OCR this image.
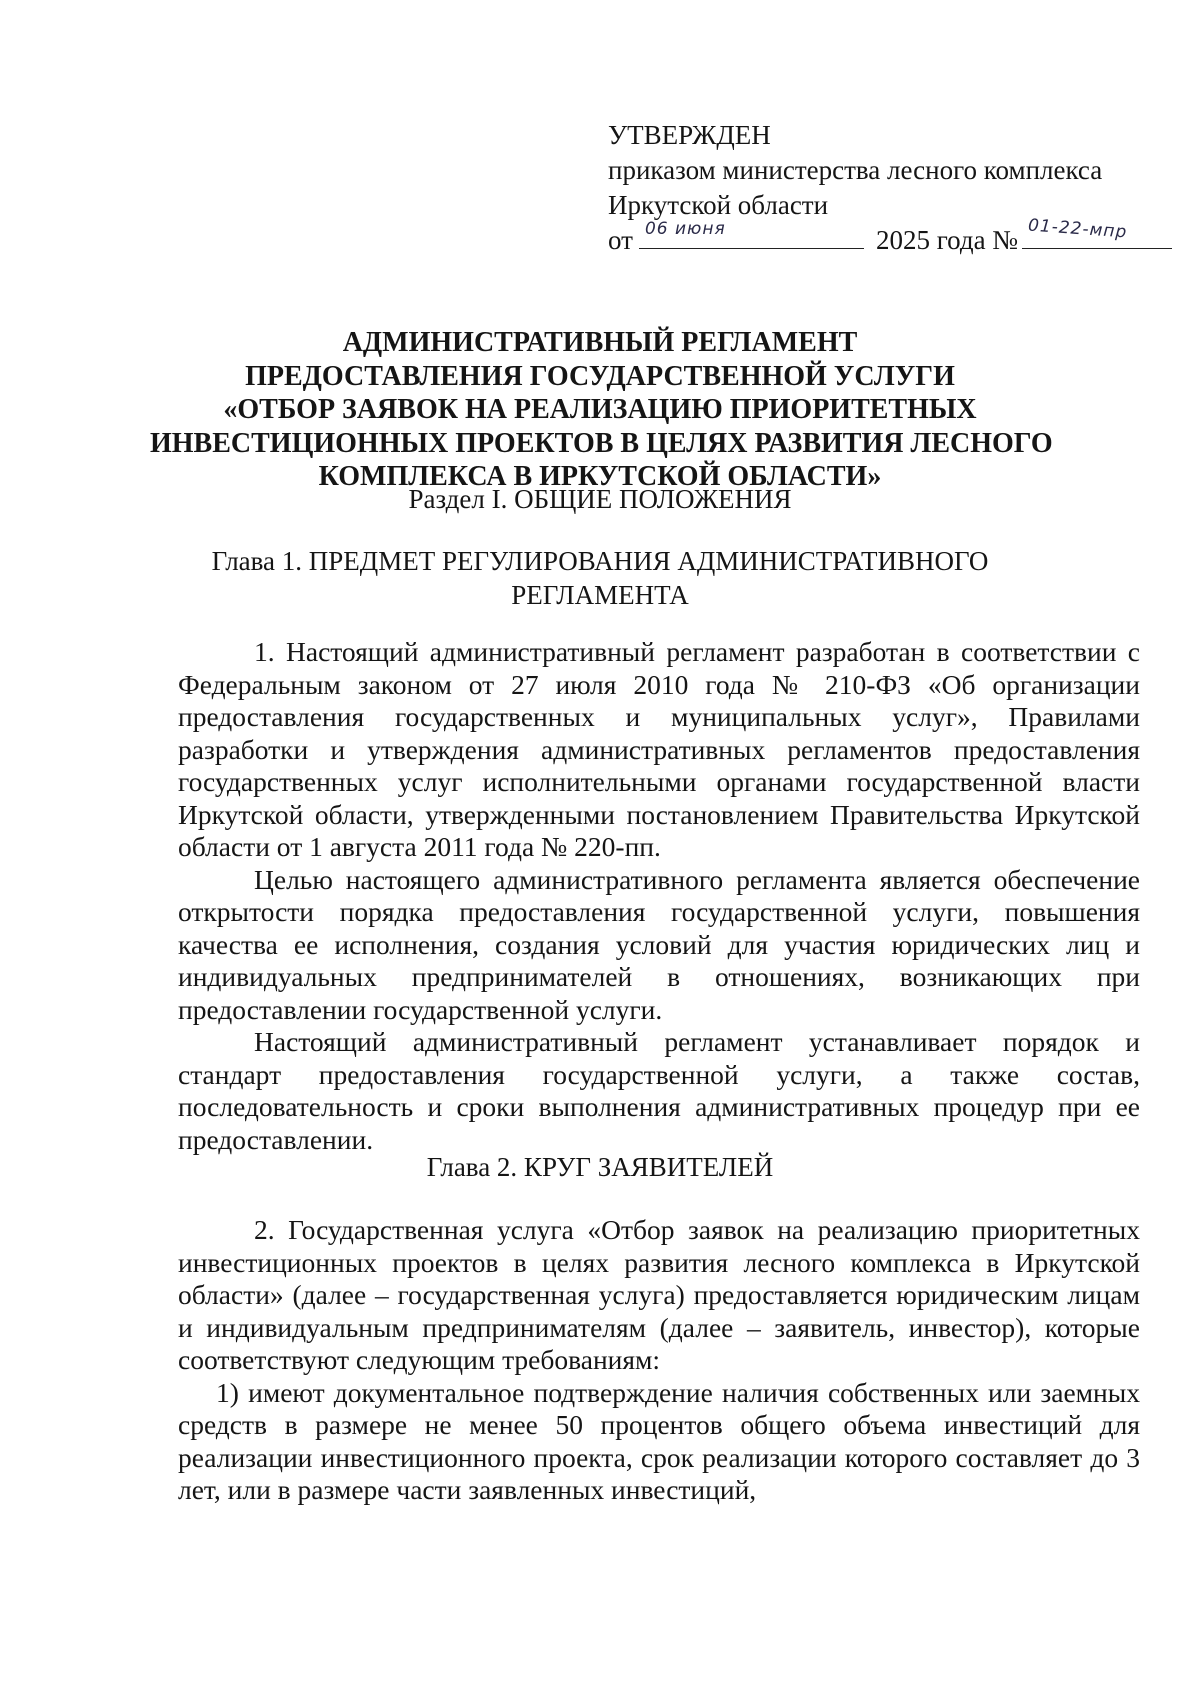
УТВЕРЖДЕН
приказом министерства лесного комплекса
Иркутской области
от 06 июня	2025 года № 01-22-мпр
АДМИНИСТРАТИВНЫЙ РЕГЛАМЕНТ
ПРЕДОСТАВЛЕНИЯ ГОСУДАРСТВЕННОЙ УСЛУГИ
«ОТБОР ЗАЯВОК НА РЕАЛИЗАЦИЮ ПРИОРИТЕТНЫХ
ИНВЕСТИЦИОННЫХ ПРОЕКТОВ В ЦЕЛЯХ РАЗВИТИЯ ЛЕСНОГО
КОМПЛЕКСА В ИРКУТСКОЙ ОБЛАСТИ»
Раздел I. ОБЩИЕ ПОЛОЖЕНИЯ
Глава 1. ПРЕДМЕТ РЕГУЛИРОВАНИЯ АДМИНИСТРАТИВНОГО
РЕГЛАМЕНТА

1. Настоящий административный регламент разработан в соответствии с Федеральным законом от 27 июля 2010 года № 210-ФЗ «Об организации предоставления государственных и муниципальных услуг», Правилами разработки и утверждения административных регламентов предоставления государственных услуг исполнительными органами государственной власти Иркутской области, утвержденными постановлением Правительства Иркутской области от 1 августа 2011 года № 220-пп.

Целью настоящего административного регламента является обеспечение открытости порядка предоставления государственной услуги, повышения качества ее исполнения, создания условий для участия юридических лиц и индивидуальных предпринимателей в отношениях, возникающих при предоставлении государственной услуги.

Настоящий административный регламент устанавливает порядок и стандарт предоставления государственной услуги, а также состав, последовательность и сроки выполнения административных процедур при ее предоставлении.

Глава 2. КРУГ ЗАЯВИТЕЛЕЙ

2. Государственная услуга «Отбор заявок на реализацию приоритетных инвестиционных проектов в целях развития лесного комплекса в Иркутской области» (далее – государственная услуга) предоставляется юридическим лицам и индивидуальным предпринимателям (далее – заявитель, инвестор), которые соответствуют следующим требованиям:

1) имеют документальное подтверждение наличия собственных или заемных средств в размере не менее 50 процентов общего объема инвестиций для реализации инвестиционного проекта, срок реализации которого составляет до 3 лет, или в размере части заявленных инвестиций,
